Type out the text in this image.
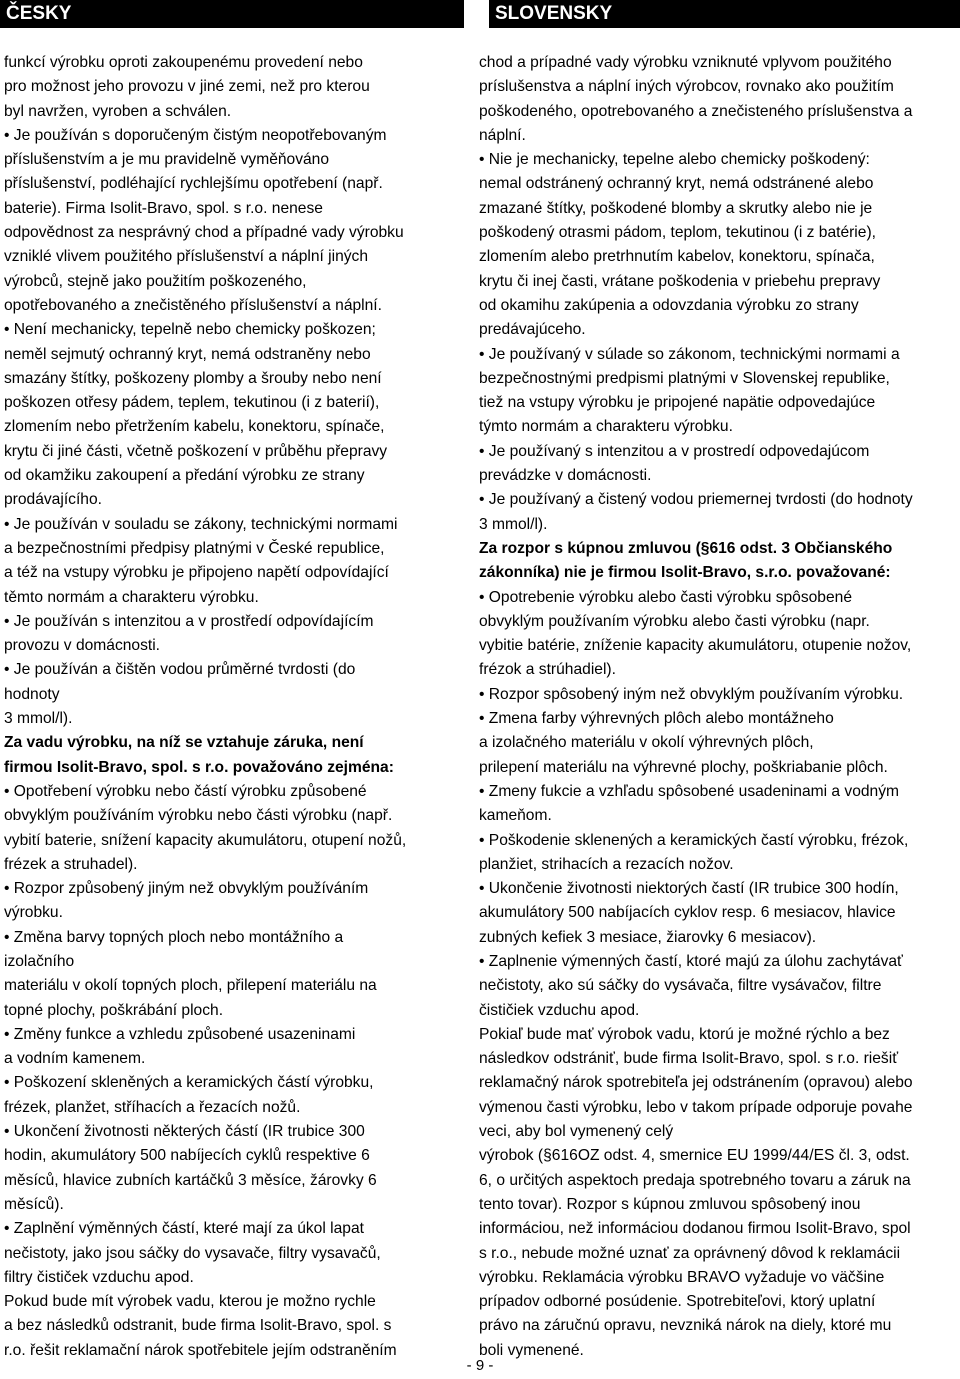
ČESKY	SLOVENSKY
funkcí výrobku oproti zakoupenému provedení nebo
pro možnost jeho provozu v jiné zemi, než pro kterou
byl navržen, vyroben a schválen.
• Je používán s doporučeným čistým neopotřebovaným
příslušenstvím a je mu pravidelně vyměňováno
příslušenství, podléhající rychlejšímu opotřebení (např.
baterie). Firma Isolit-Bravo, spol. s r.o. nenese
odpovědnost za nesprávný chod a případné vady výrobku
vzniklé vlivem použitého příslušenství a náplní jiných
výrobců, stejně jako použitím poškozeného,
opotřebovaného a znečistěného příslušenství a náplní.
• Není mechanicky, tepelně nebo chemicky poškozen;
neměl sejmutý ochranný kryt, nemá odstraněny nebo
smazány štítky, poškozeny plomby a šrouby nebo není
poškozen otřesy pádem, teplem, tekutinou (i z baterií),
zlomením nebo přetržením kabelu, konektoru, spínače,
krytu či jiné části, včetně poškození v průběhu přepravy
od okamžiku zakoupení a předání výrobku ze strany
prodávajícího.
• Je používán v souladu se zákony, technickými normami
a bezpečnostními předpisy platnými v České republice,
a též na vstupy výrobku je připojeno napětí odpovídající
těmto normám a charakteru výrobku.
• Je používán s intenzitou a v prostředí odpovídajícím
provozu v domácnosti.
• Je používán a čištěn vodou průměrné tvrdosti (do
hodnoty
3 mmol/l).
Za vadu výrobku, na níž se vztahuje záruka, není
firmou Isolit-Bravo, spol. s r.o. považováno zejména:
• Opotřebení výrobku nebo částí výrobku způsobené
obvyklým používáním výrobku nebo části výrobku (např.
vybití baterie, snížení kapacity akumulátoru, otupení nožů,
frézek a struhadel).
• Rozpor způsobený jiným než obvyklým používáním
výrobku.
• Změna barvy topných ploch nebo montážního a
izolačního
materiálu v okolí topných ploch, přilepení materiálu na
topné plochy, poškrábání ploch.
• Změny funkce a vzhledu způsobené usazeninami
a vodním kamenem.
• Poškození skleněných a keramických částí výrobku,
frézek, planžet, stříhacích a řezacích nožů.
• Ukončení životnosti některých částí (IR trubice 300
hodin, akumulátory 500 nabíjecích cyklů respektive 6
měsíců, hlavice zubních kartáčků 3 měsíce, žárovky 6
měsíců).
• Zaplnění výměnných částí, které mají za úkol lapat
nečistoty, jako jsou sáčky do vysavače, filtry vysavačů,
filtry čističek vzduchu apod.
Pokud bude mít výrobek vadu, kterou je možno rychle
a bez následků odstranit, bude firma Isolit-Bravo, spol. s
r.o. řešit reklamační nárok spotřebitele jejím odstraněním
chod a prípadné vady výrobku vzniknuté vplyvom použitého
príslušenstva a náplní iných výrobcov, rovnako ako použitím
poškodeného, opotrebovaného a znečisteného príslušenstva a
náplní.
• Nie je mechanicky, tepelne alebo chemicky poškodený:
nemal odstránený ochranný kryt, nemá odstránené alebo
zmazané štítky, poškodené blomby a skrutky alebo nie je
poškodený otrasmi pádom, teplom, tekutinou (i z batérie),
zlomením alebo pretrhnutím kabelov, konektoru, spínača,
krytu či inej časti, vrátane poškodenia v priebehu prepravy
od okamihu zakúpenia a odovzdania výrobku zo strany
predávajúceho.
• Je používaný v súlade so zákonom, technickými normami a
bezpečnostnými predpismi platnými v Slovenskej republike,
tiež na vstupy výrobku je pripojené napätie odpovedajúce
týmto normám a charakteru výrobku.
• Je používaný s intenzitou a v prostredí odpovedajúcom
prevádzke v domácnosti.
• Je používaný a čistený vodou priemernej tvrdosti (do hodnoty
3 mmol/l).
Za rozpor s kúpnou zmluvou (§616 odst. 3 Občianského
zákonníka) nie je firmou Isolit-Bravo, s.r.o. považované:
• Opotrebenie výrobku alebo časti výrobku spôsobené
obvyklým používaním výrobku alebo časti výrobku (napr.
vybitie batérie, zníženie kapacity akumulátoru, otupenie nožov,
frézok a strúhadiel).
• Rozpor spôsobený iným než obvyklým používaním výrobku.
• Zmena farby výhrevných plôch alebo montážneho
a izolačného materiálu v okolí výhrevných plôch,
prilepení materiálu na výhrevné plochy, poškriabanie plôch.
• Zmeny fukcie a vzhľadu spôsobené usadeninami a vodným
kameňom.
• Poškodenie sklenených a keramických častí výrobku, frézok,
planžiet, strihacích a rezacích nožov.
• Ukončenie životnosti niektorých častí (IR trubice 300 hodín,
akumulátory 500 nabíjacích cyklov resp. 6 mesiacov, hlavice
zubných kefiek 3 mesiace, žiarovky 6 mesiacov).
• Zaplnenie výmenných častí, ktoré majú za úlohu zachytávať
nečistoty, ako sú sáčky do vysávača, filtre vysávačov, filtre
čističiek vzduchu apod.
Pokiaľ bude mať výrobok vadu, ktorú je možné rýchlo a bez
následkov odstrániť, bude firma Isolit-Bravo, spol. s r.o. riešiť
reklamačný nárok spotrebiteľa jej odstránením (opravou) alebo
výmenou časti výrobku, lebo v takom prípade odporuje povahe
veci, aby bol vymenený celý
výrobok (§616OZ odst. 4, smernice EU 1999/44/ES čl. 3, odst.
6, o určitých aspektoch predaja spotrebného tovaru a záruk na
tento tovar). Rozpor s kúpnou zmluvou spôsobený inou
informáciou, než informáciou dodanou firmou Isolit-Bravo, spol
s r.o., nebude možné uznať za oprávnený dôvod k reklamácii
výrobku. Reklamácia výrobku BRAVO vyžaduje vo väčšine
prípadov odborné posúdenie. Spotrebiteľovi, ktorý uplatní
právo na záručnú opravu, nevzniká nárok na diely, ktoré mu
boli vymenené.
- 9 -
